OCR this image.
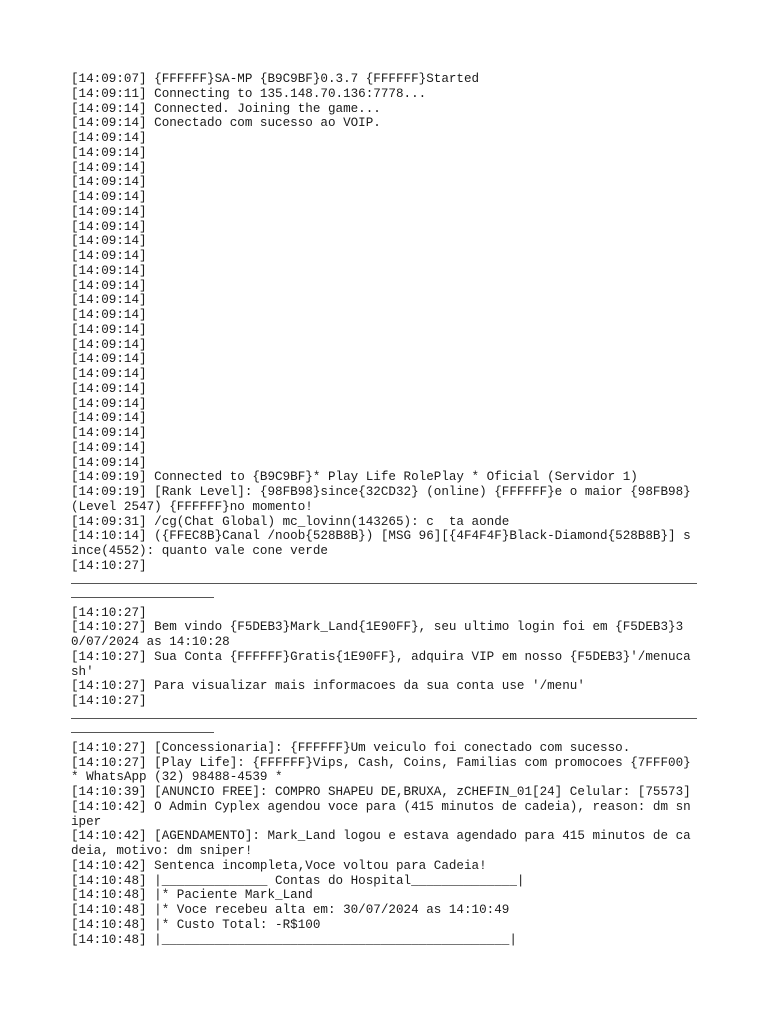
[14:09:07] {FFFFFF}SA-MP {B9C9BF}0.3.7 {FFFFFF}Started
[14:09:11] Connecting to 135.148.70.136:7778...
[14:09:14] Connected. Joining the game...
[14:09:14] Conectado com sucesso ao VOIP.
[14:09:14]
[14:09:14]
[14:09:14]
[14:09:14]
[14:09:14]
[14:09:14]
[14:09:14]
[14:09:14]
[14:09:14]
[14:09:14]
[14:09:14]
[14:09:14]
[14:09:14]
[14:09:14]
[14:09:14]
[14:09:14]
[14:09:14]
[14:09:14]
[14:09:14]
[14:09:14]
[14:09:14]
[14:09:14]
[14:09:14]
[14:09:19] Connected to {B9C9BF}* Play Life RolePlay * Oficial (Servidor 1)
[14:09:19] [Rank Level]: {98FB98}since{32CD32} (online) {FFFFFF}e o maior {98FB98}(Level 2547) {FFFFFF}no momento!
[14:09:31] /cg(Chat Global) mc_lovinn(143265): c  ta aonde
[14:10:14] ({FFEC8B}Canal /noob{528B8B}) [MSG 96][{4F4F4F}Black-Diamond{528B8B}] since(4552): quanto vale cone verde
[14:10:27]
[14:10:27]
[14:10:27] Bem vindo {F5DEB3}Mark_Land{1E90FF}, seu ultimo login foi em {F5DEB3}30/07/2024 as 14:10:28
[14:10:27] Sua Conta {FFFFFF}Gratis{1E90FF}, adquira VIP em nosso {F5DEB3}'/menucash'
[14:10:27] Para visualizar mais informacoes da sua conta use '/menu'
[14:10:27]
[14:10:27] [Concessionaria]: {FFFFFF}Um veiculo foi conectado com sucesso.
[14:10:27] [Play Life]: {FFFFFF}Vips, Cash, Coins, Familias com promocoes {7FFF00}* WhatsApp (32) 98488-4539 *
[14:10:39] [ANUNCIO FREE]: COMPRO SHAPEU DE,BRUXA, zCHEFIN_01[24] Celular: [75573]
[14:10:42] O Admin Cyplex agendou voce para (415 minutos de cadeia), reason: dm sniper
[14:10:42] [AGENDAMENTO]: Mark_Land logou e estava agendado para 415 minutos de cadeia, motivo: dm sniper!
[14:10:42] Sentenca incompleta,Voce voltou para Cadeia!
[14:10:48] |______________ Contas do Hospital______________|
[14:10:48] |* Paciente Mark_Land
[14:10:48] |* Voce recebeu alta em: 30/07/2024 as 14:10:49
[14:10:48] |* Custo Total: -R$100
[14:10:48] |______________________________________________|
